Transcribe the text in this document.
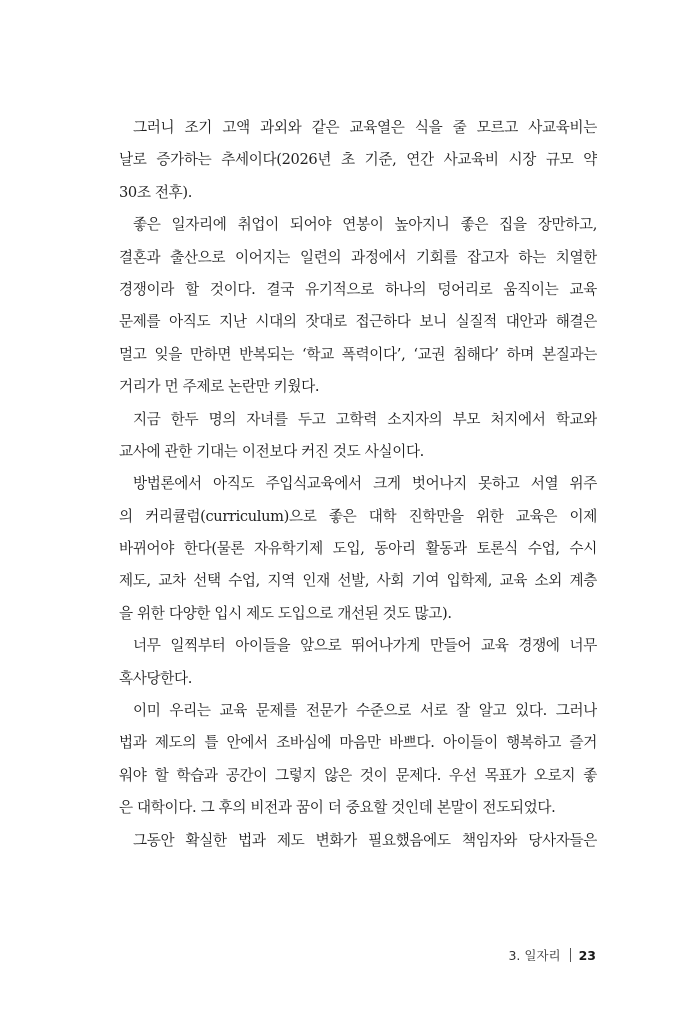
그러니 조기 고액 과외와 같은 교육열은 식을 줄 모르고 사교육비는
날로 증가하는 추세이다(2026년 초 기준, 연간 사교육비 시장 규모 약
30조 전후).

좋은 일자리에 취업이 되어야 연봉이 높아지니 좋은 집을 장만하고,
결혼과 출산으로 이어지는 일련의 과정에서 기회를 잡고자 하는 치열한
경쟁이라 할 것이다. 결국 유기적으로 하나의 덩어리로 움직이는 교육
문제를 아직도 지난 시대의 잣대로 접근하다 보니 실질적 대안과 해결은
멀고 잊을 만하면 반복되는 ‘학교 폭력이다’, ‘교권 침해다’ 하며 본질과는
거리가 먼 주제로 논란만 키웠다.

지금 한두 명의 자녀를 두고 고학력 소지자의 부모 처지에서 학교와
교사에 관한 기대는 이전보다 커진 것도 사실이다.

방법론에서 아직도 주입식교육에서 크게 벗어나지 못하고 서열 위주
의 커리큘럼(curriculum)으로 좋은 대학 진학만을 위한 교육은 이제
바뀌어야 한다(물론 자유학기제 도입, 동아리 활동과 토론식 수업, 수시
제도, 교차 선택 수업, 지역 인재 선발, 사회 기여 입학제, 교육 소외 계층
을 위한 다양한 입시 제도 도입으로 개선된 것도 많고).

너무 일찍부터 아이들을 앞으로 뛰어나가게 만들어 교육 경쟁에 너무
혹사당한다.

이미 우리는 교육 문제를 전문가 수준으로 서로 잘 알고 있다. 그러나
법과 제도의 틀 안에서 조바심에 마음만 바쁘다. 아이들이 행복하고 즐거
워야 할 학습과 공간이 그렇지 않은 것이 문제다. 우선 목표가 오로지 좋
은 대학이다. 그 후의 비전과 꿈이 더 중요할 것인데 본말이 전도되었다.

그동안 확실한 법과 제도 변화가 필요했음에도 책임자와 당사자들은

3. 일자리 23
